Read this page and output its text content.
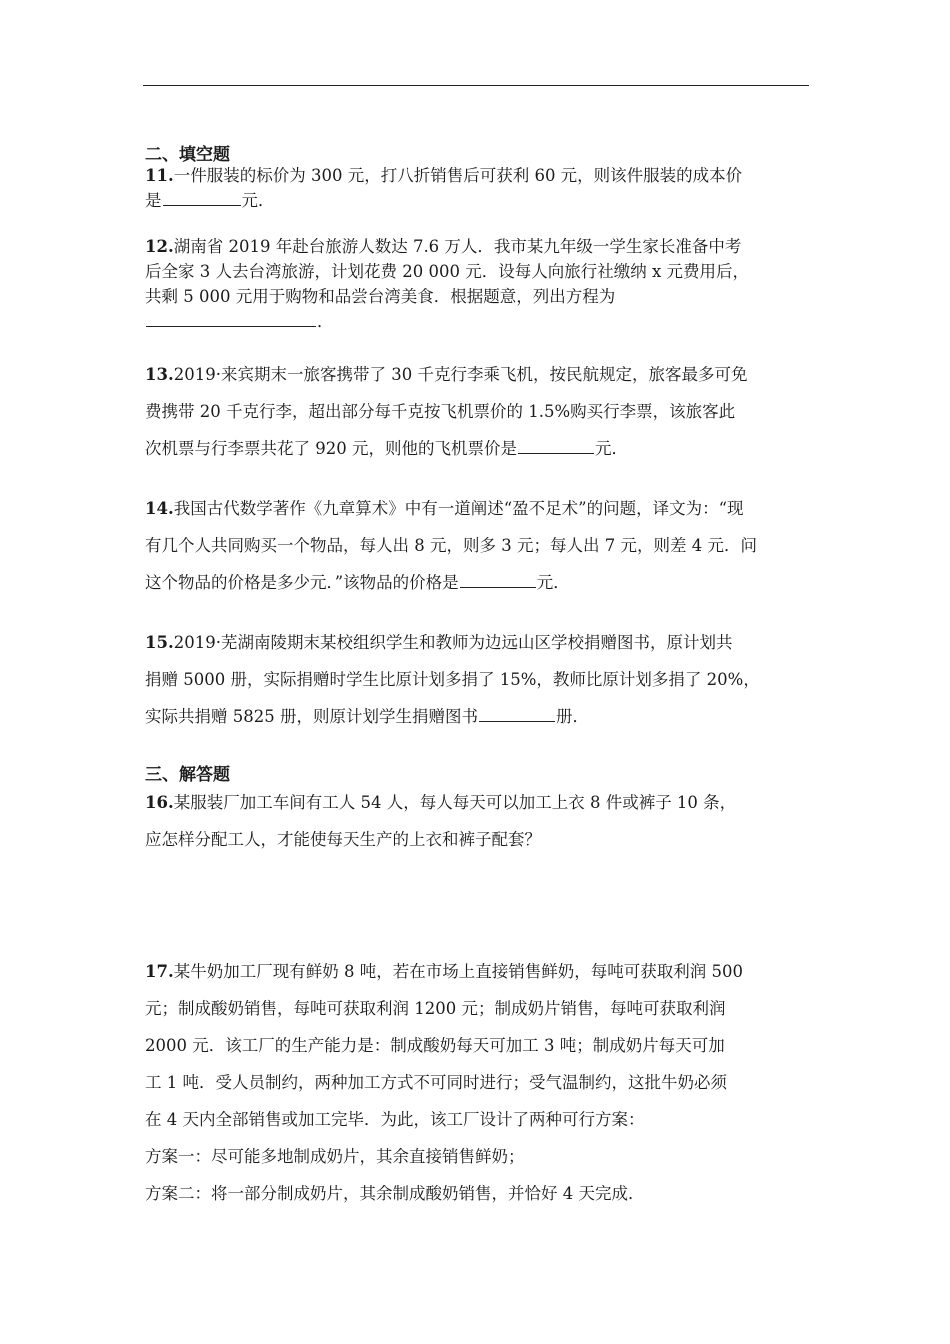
二、填空题
11.一件服装的标价为 300 元，打八折销售后可获利 60 元，则该件服装的成本价
是	元．
12.湖南省 2019 年赴台旅游人数达 7.6 万人．我市某九年级一学生家长准备中考
后全家 3 人去台湾旅游，计划花费 20 000 元．设每人向旅行社缴纳 x 元费用后，
共剩 5 000 元用于购物和品尝台湾美食．根据题意，列出方程为
．
13.2019·来宾期末一旅客携带了 30 千克行李乘飞机，按民航规定，旅客最多可免
费携带 20 千克行李，超出部分每千克按飞机票价的 1.5%购买行李票，该旅客此
次机票与行李票共花了 920 元，则他的飞机票价是	元．
14.我国古代数学著作《九章算术》中有一道阐述“盈不足术”的问题，译文为：“现
有几个人共同购买一个物品，每人出 8 元，则多 3 元；每人出 7 元，则差 4 元．问
这个物品的价格是多少元．”该物品的价格是	元．
15.2019·芜湖南陵期末某校组织学生和教师为边远山区学校捐赠图书，原计划共
捐赠 5000 册，实际捐赠时学生比原计划多捐了 15%，教师比原计划多捐了 20%，
实际共捐赠 5825 册，则原计划学生捐赠图书	册．
三、解答题
16.某服装厂加工车间有工人 54 人，每人每天可以加工上衣 8 件或裤子 10 条，
应怎样分配工人，才能使每天生产的上衣和裤子配套？
17.某牛奶加工厂现有鲜奶 8 吨，若在市场上直接销售鲜奶，每吨可获取利润 500
元；制成酸奶销售，每吨可获取利润 1200 元；制成奶片销售，每吨可获取利润
2000 元．该工厂的生产能力是：制成酸奶每天可加工 3 吨；制成奶片每天可加
工 1 吨．受人员制约，两种加工方式不可同时进行；受气温制约，这批牛奶必须
在 4 天内全部销售或加工完毕．为此，该工厂设计了两种可行方案：
方案一：尽可能多地制成奶片，其余直接销售鲜奶；
方案二：将一部分制成奶片，其余制成酸奶销售，并恰好 4 天完成．
